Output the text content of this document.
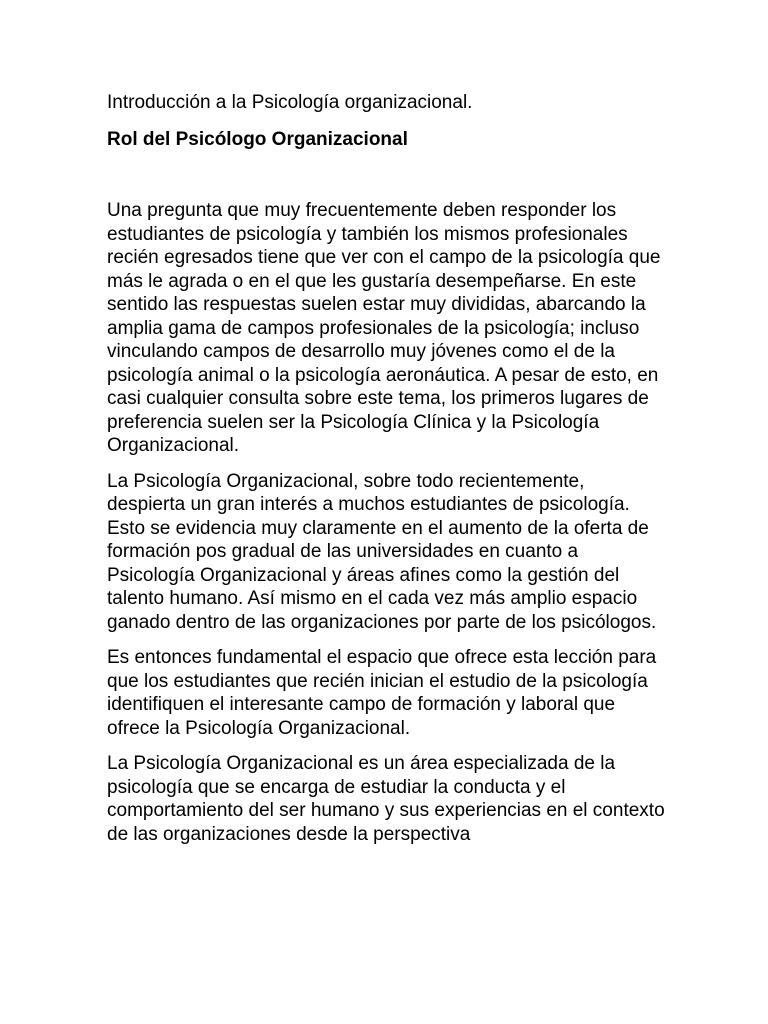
Introducción a la Psicología organizacional.

Rol del Psicólogo Organizacional

Una pregunta que muy frecuentemente deben responder los estudiantes de psicología y también los mismos profesionales recién egresados tiene que ver con el campo de la psicología que más le agrada o en el que les gustaría desempeñarse. En este sentido las respuestas suelen estar muy divididas, abarcando la amplia gama de campos profesionales de la psicología; incluso vinculando campos de desarrollo muy jóvenes como el de la psicología animal o la psicología aeronáutica. A pesar de esto, en casi cualquier consulta sobre este tema, los primeros lugares de preferencia suelen ser la Psicología Clínica y la Psicología Organizacional.

La Psicología Organizacional, sobre todo recientemente, despierta un gran interés a muchos estudiantes de psicología. Esto se evidencia muy claramente en el aumento de la oferta de formación pos gradual de las universidades en cuanto a Psicología Organizacional y áreas afines como la gestión del talento humano. Así mismo en el cada vez más amplio espacio ganado dentro de las organizaciones por parte de los psicólogos.

Es entonces fundamental el espacio que ofrece esta lección para que los estudiantes que recién inician el estudio de la psicología identifiquen el interesante campo de formación y laboral que ofrece la Psicología Organizacional.

La Psicología Organizacional es un área especializada de la psicología que se encarga de estudiar la conducta y el comportamiento del ser humano y sus experiencias en el contexto de las organizaciones desde la perspectiva
